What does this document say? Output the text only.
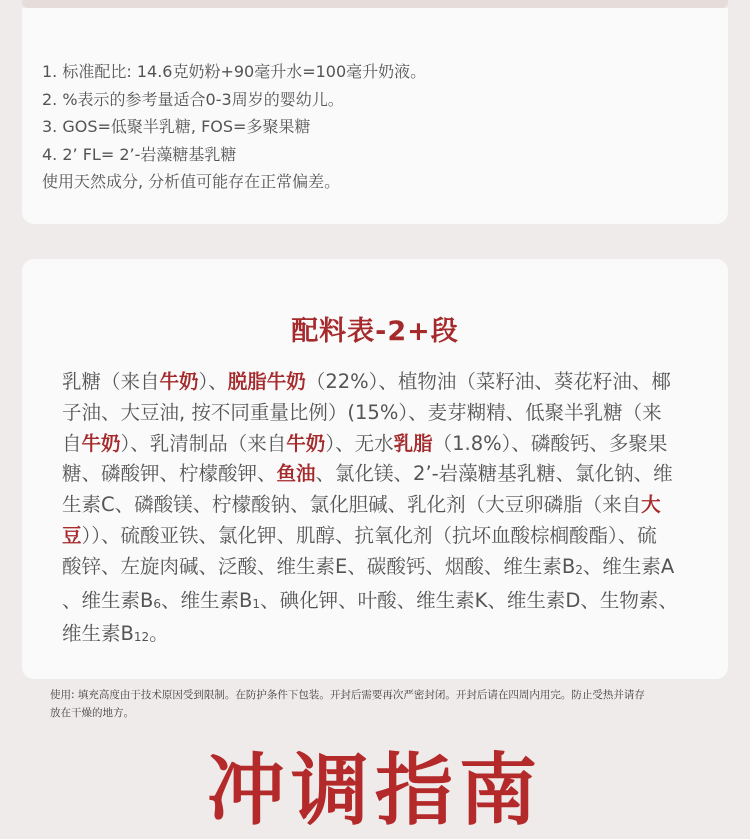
1. 标准配比: 14.6克奶粉+90毫升水=100毫升奶液。
2. %表示的参考量适合0-3周岁的婴幼儿。
3. GOS=低聚半乳糖, FOS=多聚果糖
4. 2’ FL= 2’-岩藻糖基乳糖
使用天然成分, 分析值可能存在正常偏差。
配料表-2+段
乳糖（来自牛奶）、脱脂牛奶（22%）、植物油（菜籽油、葵花籽油、椰
子油、大豆油, 按不同重量比例）(15%）、麦芽糊精、低聚半乳糖（来
自牛奶）、乳清制品（来自牛奶）、无水乳脂（1.8%）、磷酸钙、多聚果
糖、磷酸钾、柠檬酸钾、鱼油、氯化镁、2’-岩藻糖基乳糖、氯化钠、维
生素C、磷酸镁、柠檬酸钠、氯化胆碱、乳化剂（大豆卵磷脂（来自大
豆））、硫酸亚铁、氯化钾、肌醇、抗氧化剂（抗坏血酸棕榈酸酯）、硫
酸锌、左旋肉碱、泛酸、维生素E、碳酸钙、烟酸、维生素B2、维生素A
、维生素B6、维生素B1、碘化钾、叶酸、维生素K、维生素D、生物素、
维生素B12。
使用: 填充高度由于技术原因受到限制。在防护条件下包装。开封后需要再次严密封闭。开封后请在四周内用完。防止受热并请存
放在干燥的地方。
冲调指南
